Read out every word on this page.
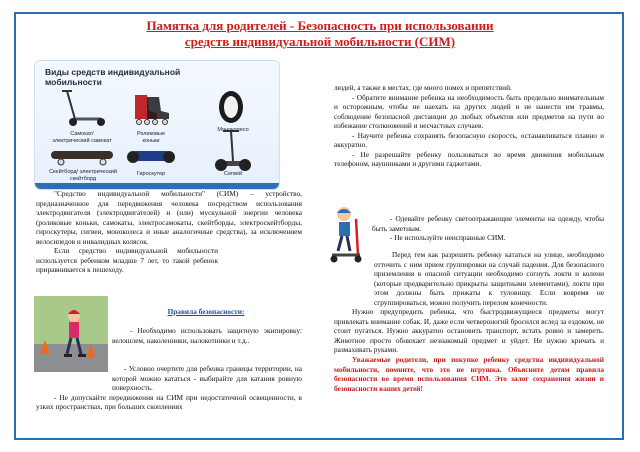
Памятка для родителей - Безопасность при использовании
средств индивидуальной мобильности (СИМ)
Виды средств индивидуальной мобильности
Самокат/ электрический самокат
Роликовые коньки
Моноколесо
Скейтборд/ электрический скейтборд
Гироскутер	Сегвей

"Средство индивидуальной мобильности" (СИМ) – устройство, предназначенное для передвижения человека посредством использования электродвигателя (электродвигателей) и (или) мускульной энергии человека (роликовые коньки, самокаты, электросамокаты, скейтборды, электроскейтборды, гироскутеры, сигвеи, моноколеса и иные аналогичные средства), за исключением велосипедов и инвалидных колясок.

Если средство индивидуальной мобильности используется ребенком младше 7 лет, то такой ребенок приравнивается к пешеходу.

Правила безопасности:

- Необходимо использовать защитную экипировку: велошлем, наколенники, налокотники и т.д..

- Условно очертите для ребенка границы территории, на которой можно кататься - выбирайте для катания ровную поверхность.

- Не допускайте передвижения на СИМ при недостаточной освещенности, в узких пространствах, при больших скоплениях

людей, а также в местах, где много помех и препятствий.

- Обратите внимание ребенка на необходимость быть предельно внимательным и осторожным, чтобы не наехать на других людей и не нанести им травмы, соблюдение безопасной дистанции до любых объектов или предметов на пути во избежание столкновений и несчастных случаев.

- Научите ребенка сохранять безопасную скорость, останавливаться плавно и аккуратно.

- Не разрешайте ребенку пользоваться во время движения мобильным телефоном, наушниками и другими гаджетами.

- Одевайте ребенку светоотражающие элементы на одежду, чтобы быть заметным.

- Не используйте неисправные СИМ.

Перед тем как разрешить ребенку кататься на улице, необходимо отточить с ним прием группировки на случай падения. Для безопасного приземления в опасной ситуации необходимо согнуть локти и колени (которые предварительно прикрыты защитными элементами), локти при этом должны быть прижаты к туловищу. Если вовремя не сгруппироваться, можно получить перелом конечности.

Нужно предупредить ребенка, что быстродвижущиеся предметы могут привлекать внимание собак. И, даже если четвероногий бросился вслед за ездоком, не стоит пугаться. Нужно аккуратно остановить транспорт, встать ровно и замереть. Животное просто обнюхает незнакомый предмет и уйдет. Не нужно кричать и размахивать руками.

Уважаемые родители, при покупке ребенку средства индивидуальной мобильности, помните, что это не игрушка. Объясните детям правила безопасности во время использования СИМ. Это залог сохранения жизни и безопасности ваших детей!
